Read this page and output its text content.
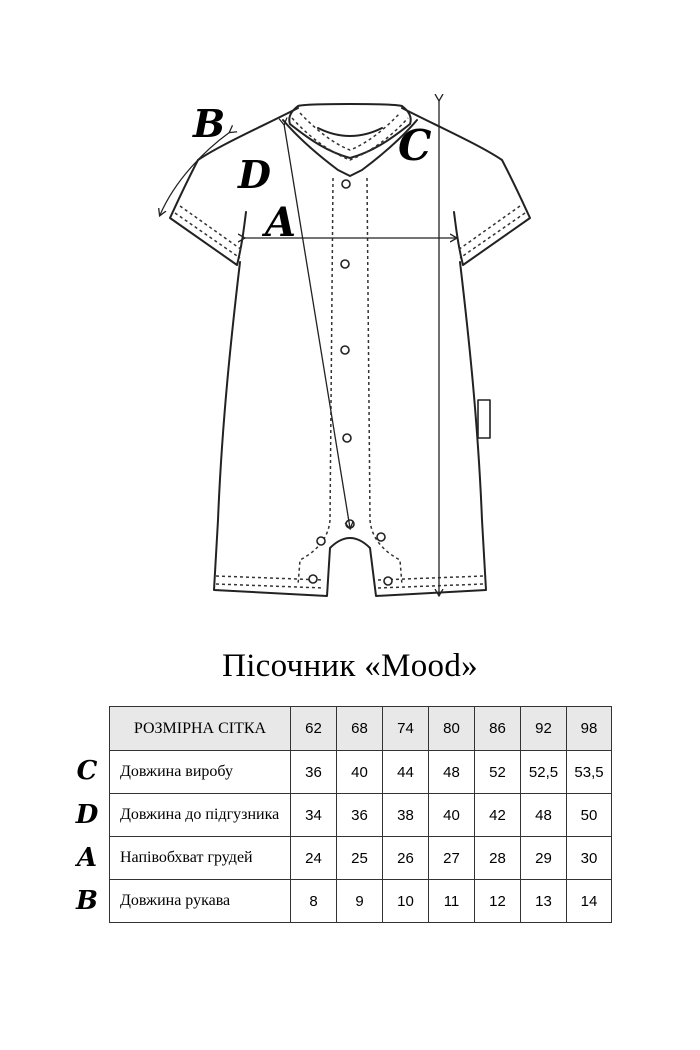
B
D
A
C
Пісочник «Mood»
C
D
A
B
РОЗМІРНА СІТКА	62	68	74	80	86	92	98
Довжина виробу	36	40	44	48	52	52,5	53,5
Довжина до підгузника	34	36	38	40	42	48	50
Напівобхват грудей	24	25	26	27	28	29	30
Довжина рукава	8	9	10	11	12	13	14
